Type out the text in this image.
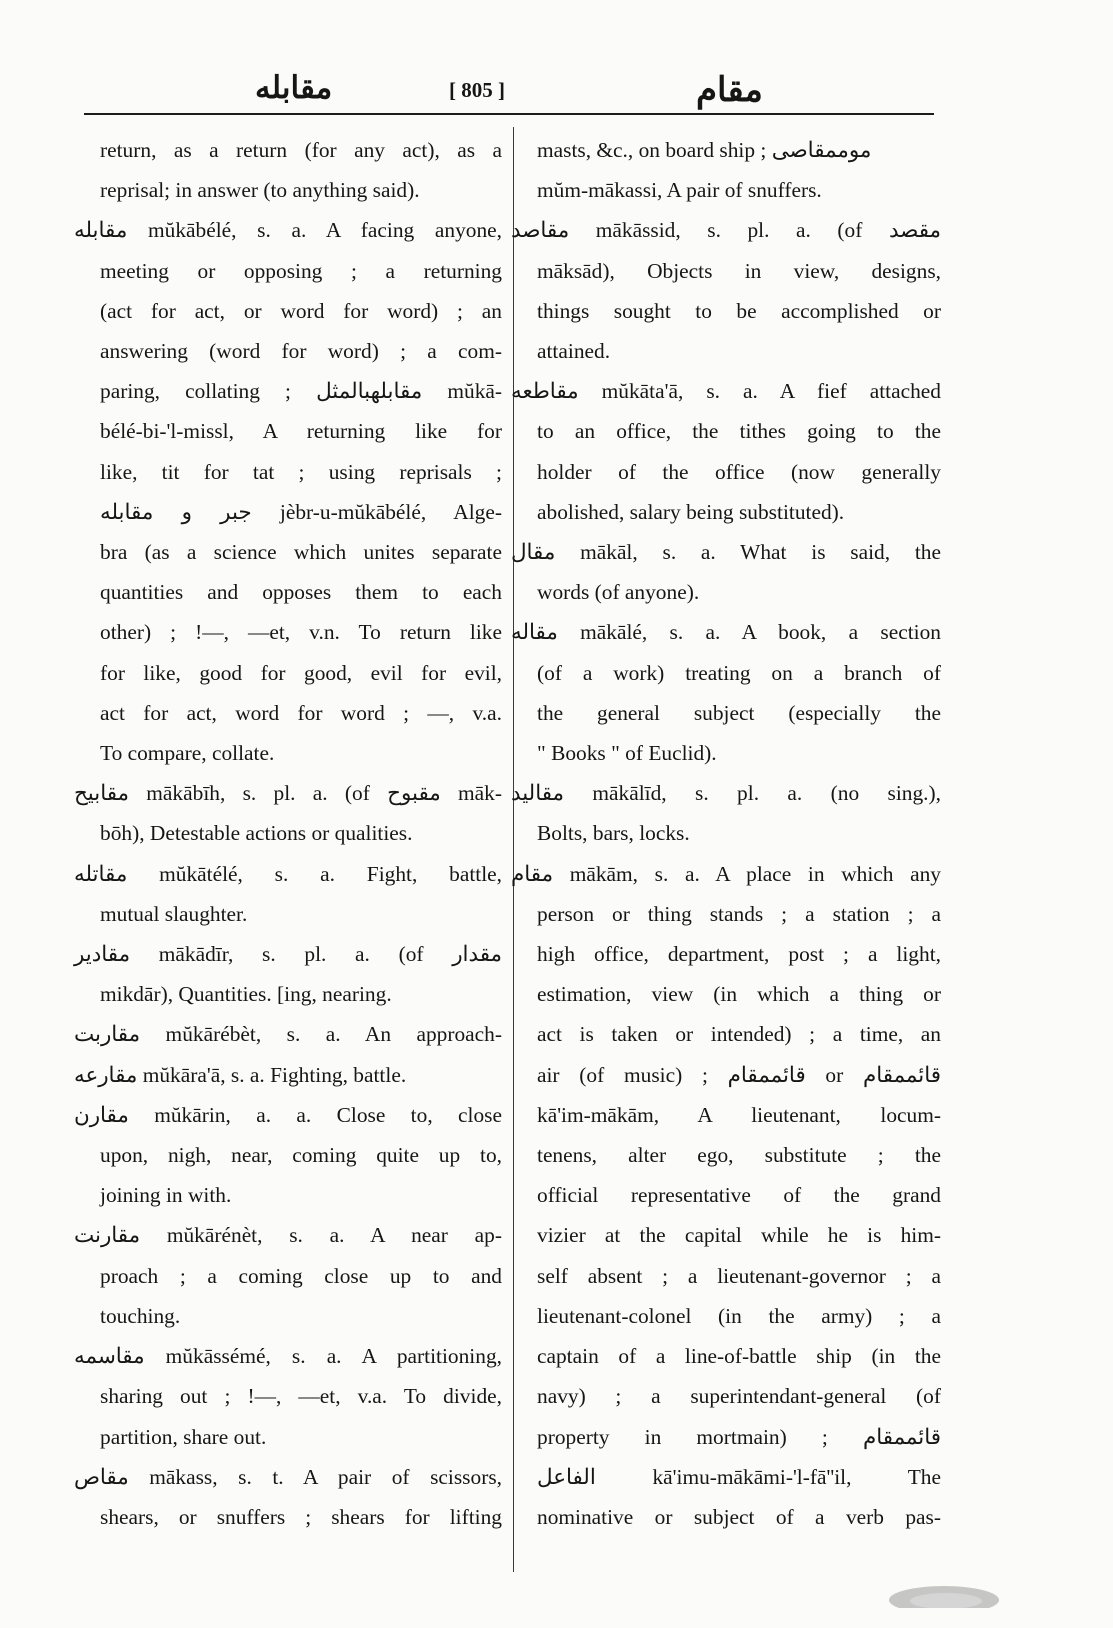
مقابله	[ 805 ]	مقام
return, as a return (for any act), as a
reprisal; in answer (to anything said).
مقابله mŭkābélé, s. a. A facing anyone,
meeting or opposing ; a returning
(act for act, or word for word) ; an
answering (word for word) ; a com-
paring, collating ; مقابلهبالمثل mŭkā-
bélé-bi-'l-missl, A returning like for
like, tit for tat ; using reprisals ;
جبر و مقابله jèbr-u-mŭkābélé, Alge-
bra (as a science which unites separate
quantities and opposes them to each
other) ; !—, —et, v.n. To return like
for like, good for good, evil for evil,
act for act, word for word ; —, v.a.
To compare, collate.
مقابیح mākābīh, s. pl. a. (of مقبوح māk-
bōh), Detestable actions or qualities.
مقاتله mŭkātélé, s. a. Fight, battle,
mutual slaughter.
مقادیر mākādīr, s. pl. a. (of مقدار
mikdār), Quantities. [ing, nearing.
مقاربت mŭkārébèt, s. a. An approach-
مقارعه mŭkāra'ā, s. a. Fighting, battle.
مقارن mŭkārin, a. a. Close to, close
upon, nigh, near, coming quite up to,
joining in with.
مقارنت mŭkārénèt, s. a. A near ap-
proach ; a coming close up to and
touching.
مقاسمه mŭkāssémé, s. a. A partitioning,
sharing out ; !—, —et, v.a. To divide,
partition, share out.
مقاص mākass, s. t. A pair of scissors,
shears, or snuffers ; shears for lifting
masts, &c., on board ship ; موممقاصی
mŭm-mākassi, A pair of snuffers.
مقاصد mākāssid, s. pl. a. (of مقصد
māksād), Objects in view, designs,
things sought to be accomplished or
attained.
مقاطعه mŭkāta'ā, s. a. A fief attached
to an office, the tithes going to the
holder of the office (now generally
abolished, salary being substituted).
مقال mākāl, s. a. What is said, the
words (of anyone).
مقاله mākālé, s. a. A book, a section
(of a work) treating on a branch of
the general subject (especially the
" Books " of Euclid).
مقالید mākālīd, s. pl. a. (no sing.),
Bolts, bars, locks.
مقام mākām, s. a. A place in which any
person or thing stands ; a station ; a
high office, department, post ; a light,
estimation, view (in which a thing or
act is taken or intended) ; a time, an
air (of music) ; قائممقام or قائممقام
kā'im-mākām, A lieutenant, locum-
tenens, alter ego, substitute ; the
official representative of the grand
vizier at the capital while he is him-
self absent ; a lieutenant-governor ; a
lieutenant-colonel (in the army) ; a
captain of a line-of-battle ship (in the
navy) ; a superintendant-general (of
property in mortmain) ; قائممقام
الفاعل kā'imu-mākāmi-'l-fā''il, The
nominative or subject of a verb pas-
